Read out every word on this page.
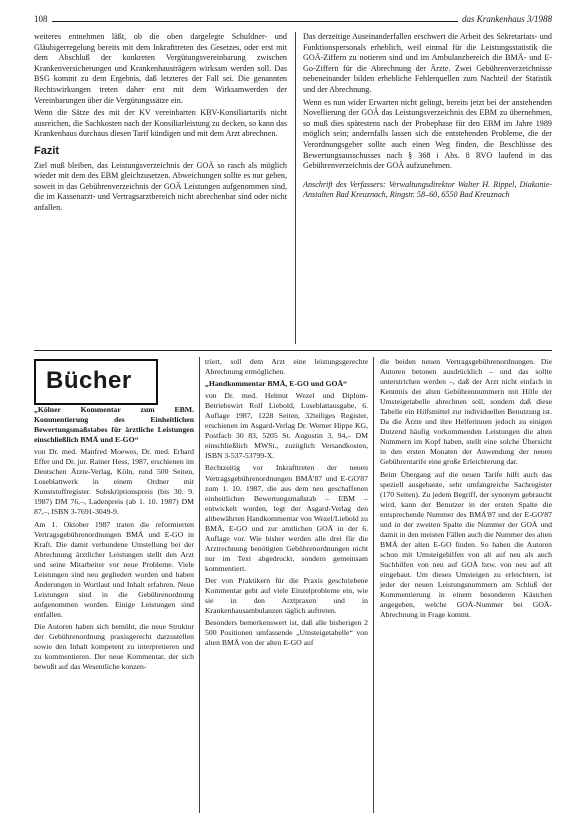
108	das Krankenhaus 3/1988

weiteres entnehmen läßt, ob die oben dargelegte Schuldner- und Gläubigerregelung bereits mit dem Inkrafttreten des Gesetzes, oder erst mit dem Abschluß der konkreten Vergütungsvereinbarung zwischen Krankenversicherungen und Krankenhausträgern wirksam werden soll. Das BSG kommt zu dem Ergebnis, daß letzteres der Fall sei. Die genannten Rechtswirkungen treten daher erst mit dem Wirksamwerden der Vereinbarungen über die Vergütungssätze ein.

Wenn die Sätze des mit der KV vereinbarten KBV-Konsiliartarifs nicht ausreichen, die Sachkosten nach der Konsiliarleistung zu decken, so kann das Krankenhaus durchaus diesen Tarif kündigen und mit dem Arzt abrechnen.

Fazit

Ziel muß bleiben, das Leistungsverzeichnis der GOÄ so rasch als möglich wieder mit dem des EBM gleichzusetzen. Abweichungen sollte es nur geben, soweit in das Gebührenverzeichnis der GOÄ Leistungen aufgenommen sind, die im Kassenarzt- und Vertragsarztbereich nicht abrechenbar sind oder nicht anfallen.

Das derzeitige Auseinanderfallen erschwert die Arbeit des Sekretariats- und Funktionspersonals erheblich, weil einmal für die Leistungsstatistik die GOÄ-Ziffern zu notieren sind und im Ambulanzbereich die BMÄ- und E-Go-Ziffern für die Abrechnung der Ärzte. Zwei Gebührenverzeichnisse nebeneinander bilden erhebliche Fehlerquellen zum Nachteil der Statistik und der Abrechnung.

Wenn es nun wider Erwarten nicht gelingt, bereits jetzt bei der anstehenden Novellierung der GOÄ das Leistungsverzeichnis des EBM zu übernehmen, so muß dies spätestens nach der Probephase für den EBM im Jahre 1989 möglich sein; andernfalls lassen sich die entstehenden Probleme, die der Verordnungsgeber sollte auch einen Weg finden, die Beschlüsse des Bewertungsausschusses nach § 368 i Abs. 8 RVO laufend in das Gebührenverzeichnis der GOÄ aufzunehmen.

Anschrift des Verfassers: Verwaltungsdirektor Walter H. Rippel, Diakonie-Anstalten Bad Kreuznach, Ringstr. 58–60, 6550 Bad Kreuznach

Bücher

„Kölner Kommentar zum EBM. Kommentierung des Einheitlichen Bewertungsmaßstabes für ärztliche Leistungen einschließlich BMÄ und E-GO“

von Dr. med. Manfred Moewes, Dr. med. Erhard Effer und Dr. jur. Rainer Hess, 1987, erschienen im Deutschen Ärzte-Verlag, Köln, rund 500 Seiten, Loseblattwerk in einem Ordner mit Kunststoffregister. Subskriptionspreis (bis 30. 9. 1987) DM 76,–, Ladenpreis (ab 1. 10. 1987) DM 87,–, ISBN 3-7691-3049-9.

Am 1. Oktober 1987 traten die reformierten Vertragsgebührenordnungen BMÄ und E-GO in Kraft. Die damit verbundene Umstellung bei der Abrechnung ärztlicher Leistungen stellt den Arzt und seine Mitarbeiter vor neue Probleme. Viele Leistungen sind neu gegliedert worden und haben Änderungen in Wortlaut und Inhalt erfahren. Neue Leistungen sind in die Gebührenordnung aufgenommen worden. Einige Leistungen sind entfallen.

Die Autoren haben sich bemüht, die neue Struktur der Gebührenordnung praxisgerecht darzustellen sowie den Inhalt kompetent zu interpretieren und zu kommentieren. Der neue Kommentar, der sich bewußt auf das Wesentliche konzen-

triert, soll dem Arzt eine leistungsgerechte Abrechnung ermöglichen.

„Handkommentar BMÄ, E-GO und GOÄ“

von Dr. med. Helmut Wezel und Diplom-Betriebswirt Rolf Liebold, Loseblattausgabe, 6. Auflage 1987, 1228 Seiten, 32teiliges Register, erschienen im Asgard-Verlag Dr. Werner Hippe KG, Postfach 30 83, 5205 St. Augustin 3, 94,– DM einschließlich MWSt., zuzüglich Versandkosten, ISBN 3-537-53799-X.

Rechtzeitig vor Inkrafttreten der neuen Vertragsgebührenordnungen BMÄ'87 und E-GO'87 zum 1. 10. 1987, die aus dem neu geschaffenen einheitlichen Bewertungsmaßstab – EBM – entwickelt wurden, legt der Asgard-Verlag den altbewährten Handkommentar von Wezel/Liebold zu BMÄ, E-GO und zur amtlichen GOÄ in der 6. Auflage vor. Wie bisher werden alle drei für die Arztrechnung benötigten Gebührenordnungen nicht nur im Text abgedruckt, sondern gemeinsam kommentiert.

Der von Praktikern für die Praxis geschriebene Kommentar geht auf viele Einzelprobleme ein, wie sie in den Arztpraxen und in Krankenhausambulanzen täglich auftreten.

Besonders bemerkenswert ist, daß alle bisherigen 2 500 Positionen umfassende „Umsteigetabelle“ von alten BMÄ von der alten E-GO auf

die beiden neuen Vertragsgebührenordnungen. Die Autoren betonen ausdrücklich – und das sollte unterstrichen werden –, daß der Arzt nicht einfach in Kenntnis der alten Gebührennummern mit Hilfe der Umsteigetabelle abrechnen soll, sondern daß diese Tabelle ein Hilfsmittel zur individuellen Benutzung ist. Da die Ärzte und ihre Helferinnen jedoch zu einigen Dutzend häufig vorkommenden Leistungen die alten Nummern im Kopf haben, stellt eine solche Übersicht in den ersten Monaten der Anwendung der neuen Gebührentarife eine große Erleichterung dar.

Beim Übergang auf die neuen Tarife hilft auch das speziell ausgebaute, sehr umfangreiche Sachregister (170 Seiten). Zu jedem Begriff, der synonym gebraucht wird, kann der Benutzer in der ersten Spalte die entsprechende Nummer des BMÄ'87 und der E-GO'87 und in der zweiten Spalte die Nummer der GOÄ und damit in den meisten Fällen auch die Nummer des alten BMÄ der alten E-GO finden. So haben die Autoren schon mit Umsteigehilfen von alt auf neu als auch Suchhilfen von neu auf GOÄ bzw. von neu auf alt eingebaut. Um dieses Umsteigen zu erleichtern, ist jeder der neuen Leistungsnummern am Schluß der Kommentierung in einem besonderen Kästchen angegeben, welche GOÄ-Nummer bei GOÄ-Abrechnung in Frage kommt.
